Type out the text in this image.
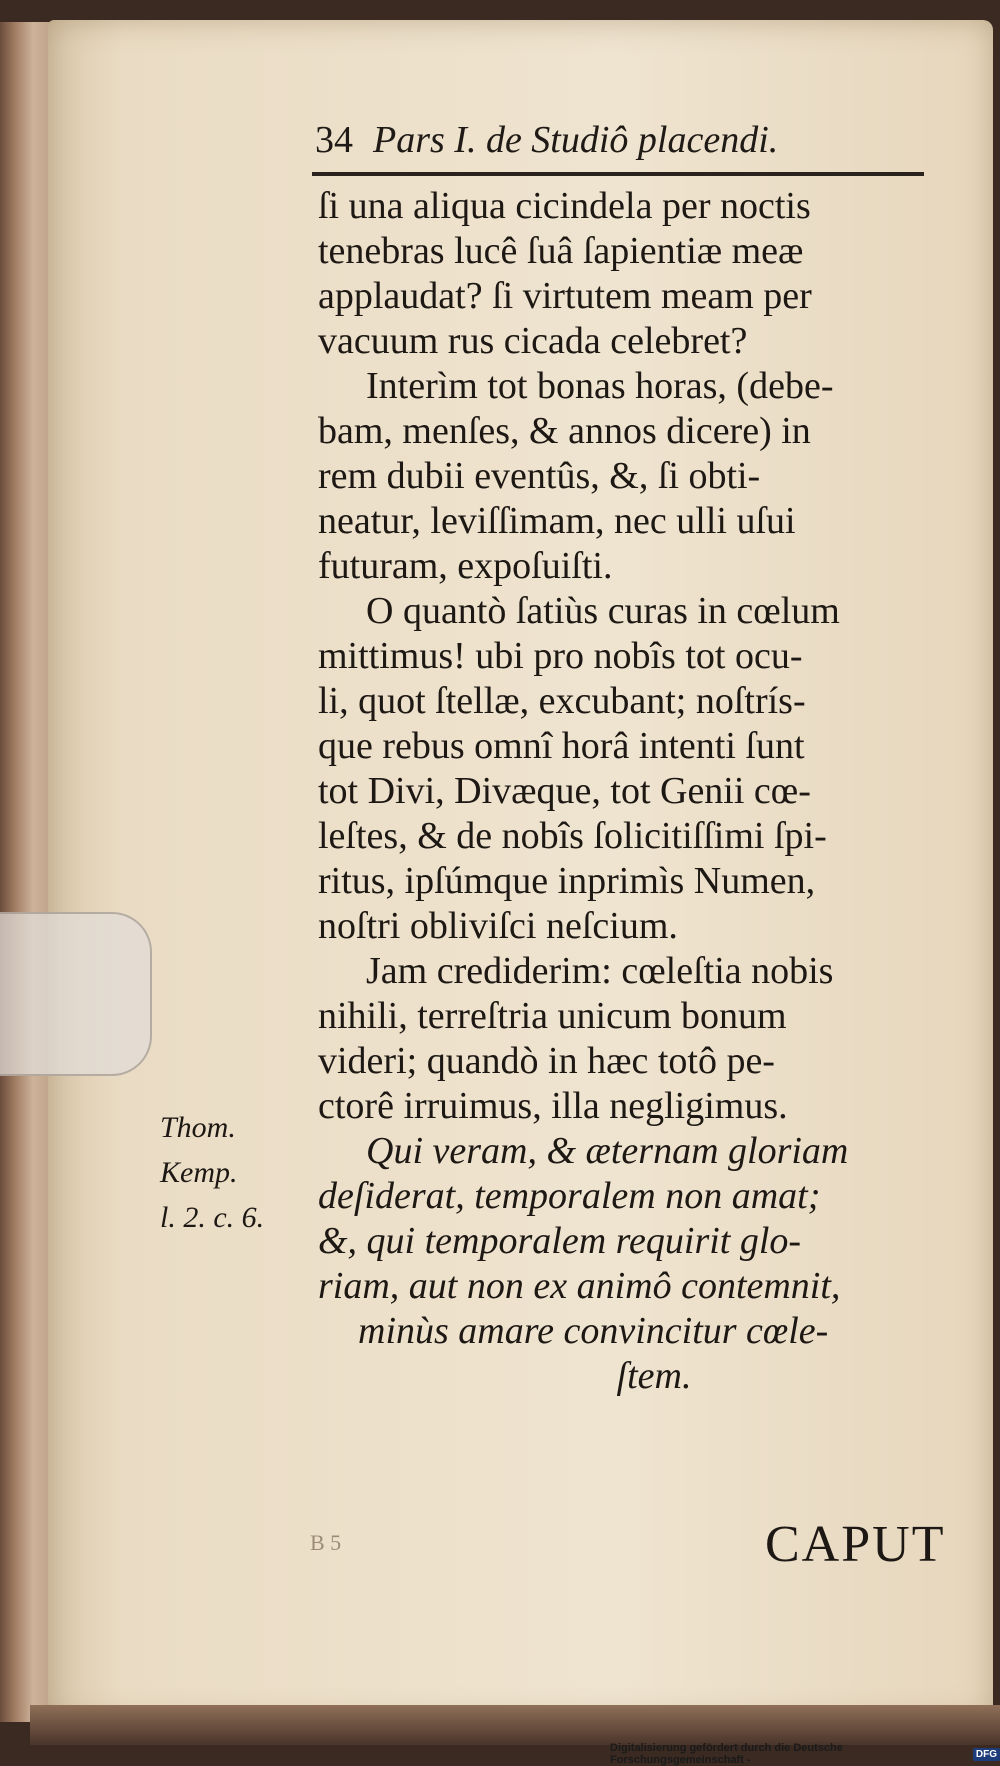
34 Pars I. de Studiô placendi.
ſi una aliqua cicindela per noctis
tenebras lucê ſuâ ſapientiæ meæ
applaudat? ſi virtutem meam per
vacuum rus cicada celebret?
Interìm tot bonas horas, (debe-
bam, menſes, & annos dicere) in
rem dubii eventûs, &, ſi obti-
neatur, leviſſimam, nec ulli uſui
futuram, expoſuiſti.
O quantò ſatiùs curas in cœlum
mittimus! ubi pro nobîs tot ocu-
li, quot ſtellæ, excubant; noſtrís-
que rebus omnî horâ intenti ſunt
tot Divi, Divæque, tot Genii cœ-
leſtes, & de nobîs ſolicitiſſimi ſpi-
ritus, ipſúmque inprimìs Numen,
noſtri obliviſci neſcium.
Jam crediderim: cœleſtia nobis
nihili, terreſtria unicum bonum
videri; quandò in hæc totô pe-
ctorê irruimus, illa negligimus.
Qui veram, & æternam gloriam
deſiderat, temporalem non amat;
&, qui temporalem requirit glo-
riam, aut non ex animô contemnit,
minùs amare convincitur cœle-
ſtem.
Thom.
Kemp.
l. 2. c. 6.
B 5	CAPUT
Digitalisierung gefördert durch die Deutsche Forschungsgemeinschaft -	DFG
